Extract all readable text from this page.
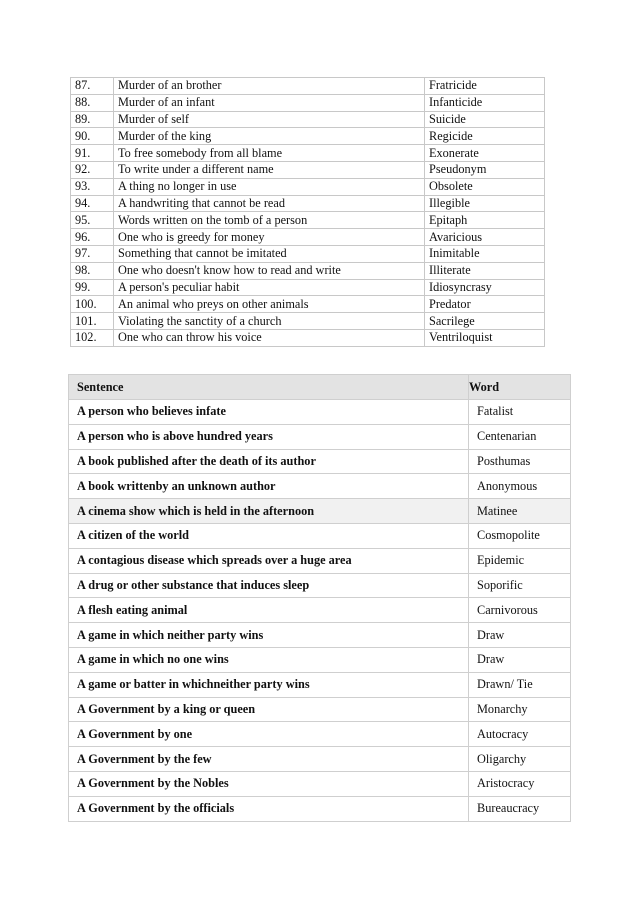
87.	Murder of an brother	Fratricide
88.	Murder of an infant	Infanticide
89.	Murder of self	Suicide
90.	Murder of the king	Regicide
91.	To free somebody from all blame	Exonerate
92.	To write under a different name	Pseudonym
93.	A thing no longer in use	Obsolete
94.	A handwriting that cannot be read	Illegible
95.	Words written on the tomb of a person	Epitaph
96.	One who is greedy for money	Avaricious
97.	Something that cannot be imitated	Inimitable
98.	One who doesn't know how to read and write	Illiterate
99.	A person's peculiar habit	Idiosyncrasy
100.	An animal who preys on other animals	Predator
101.	Violating the sanctity of a church	Sacrilege
102.	One who can throw his voice	Ventriloquist
Sentence	Word
A person who believes infate	Fatalist
A person who is above hundred years	Centenarian
A book published after the death of its author	Posthumas
A book writtenby an unknown author	Anonymous
A cinema show which is held in the afternoon	Matinee
A citizen of the world	Cosmopolite
A contagious disease which spreads over a huge area	Epidemic
A drug or other substance that induces sleep	Soporific
A flesh eating animal	Carnivorous
A game in which neither party wins	Draw
A game in which no one wins	Draw
A game or batter in whichneither party wins	Drawn/ Tie
A Government by a king or queen	Monarchy
A Government by one	Autocracy
A Government by the few	Oligarchy
A Government by the Nobles	Aristocracy
A Government by the officials	Bureaucracy
